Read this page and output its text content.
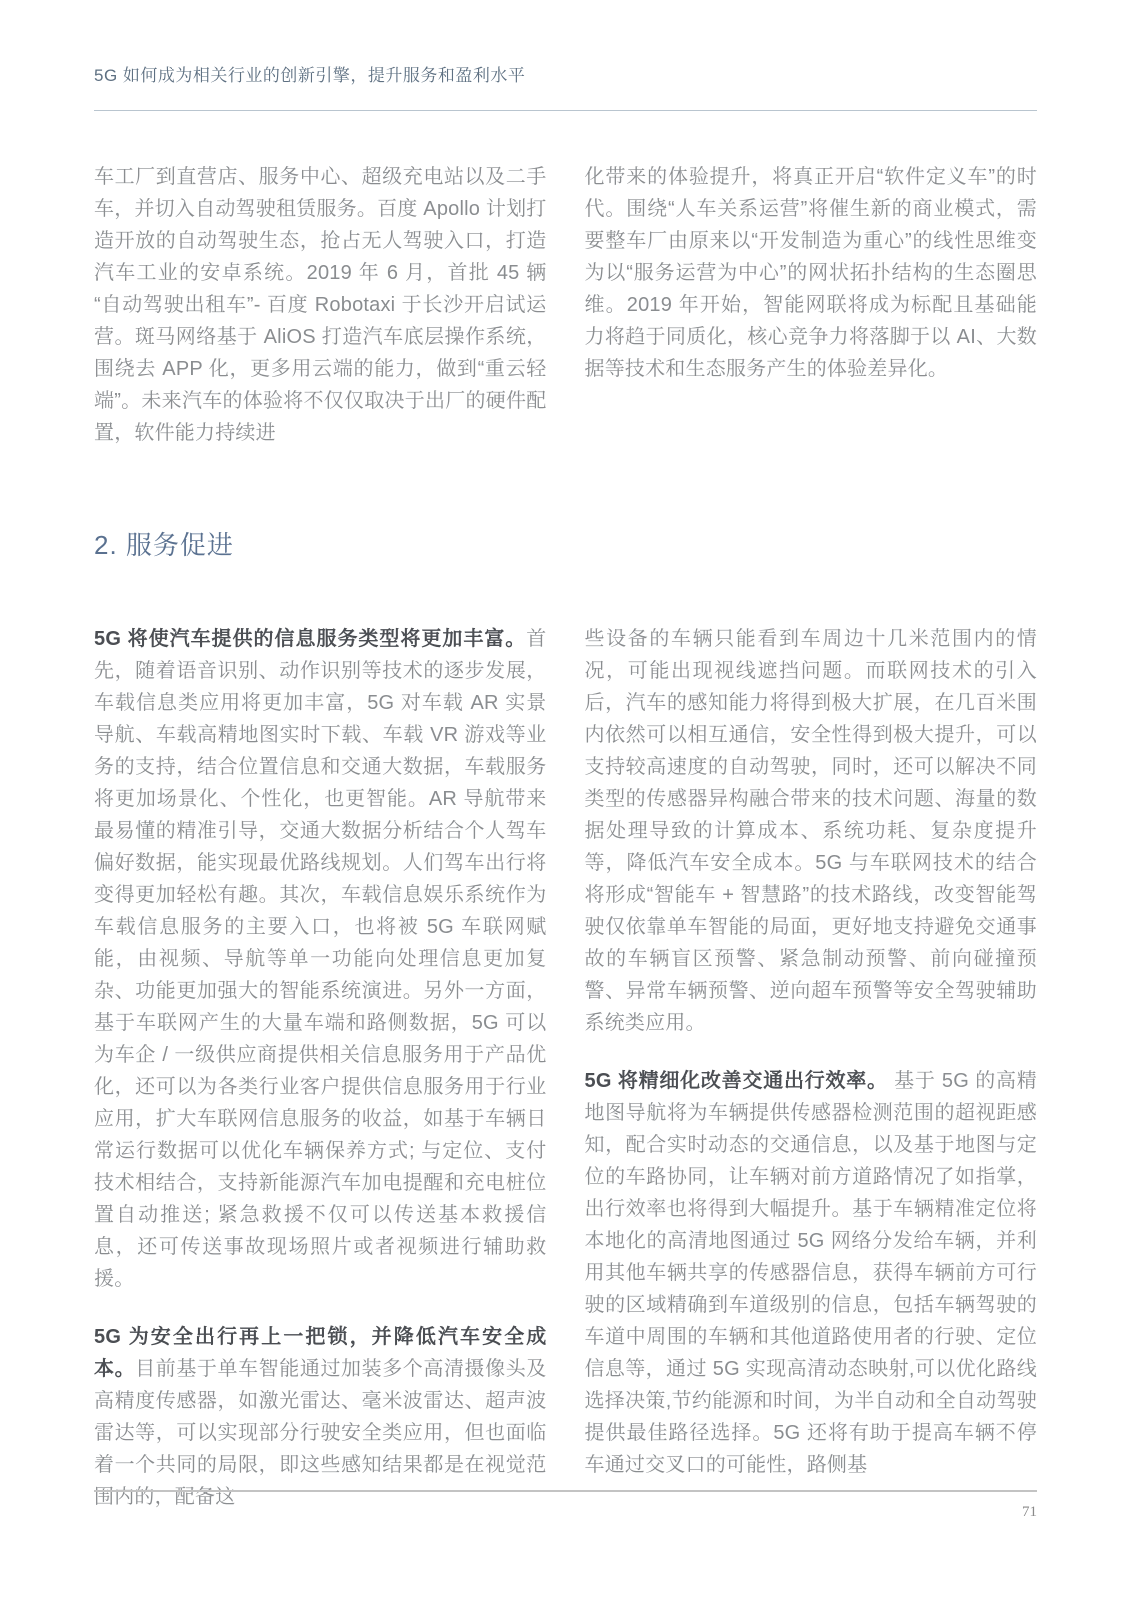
5G 如何成为相关行业的创新引擎，提升服务和盈利水平

车工厂到直营店、服务中心、超级充电站以及二手车，并切入自动驾驶租赁服务。百度 Apollo 计划打造开放的自动驾驶生态，抢占无人驾驶入口，打造汽车工业的安卓系统。2019 年 6 月，首批 45 辆“自动驾驶出租车”- 百度 Robotaxi 于长沙开启试运营。斑马网络基于 AliOS 打造汽车底层操作系统，围绕去 APP 化，更多用云端的能力，做到“重云轻端”。未来汽车的体验将不仅仅取决于出厂的硬件配置，软件能力持续进

化带来的体验提升，将真正开启“软件定义车”的时代。围绕“人车关系运营”将催生新的商业模式，需要整车厂由原来以“开发制造为重心”的线性思维变为以“服务运营为中心”的网状拓扑结构的生态圈思维。2019 年开始，智能网联将成为标配且基础能力将趋于同质化，核心竞争力将落脚于以 AI、大数据等技术和生态服务产生的体验差异化。

2. 服务促进

5G 将使汽车提供的信息服务类型将更加丰富。首先，随着语音识别、动作识别等技术的逐步发展，车载信息类应用将更加丰富，5G 对车载 AR 实景导航、车载高精地图实时下载、车载 VR 游戏等业务的支持，结合位置信息和交通大数据，车载服务将更加场景化、个性化，也更智能。AR 导航带来最易懂的精准引导，交通大数据分析结合个人驾车偏好数据，能实现最优路线规划。人们驾车出行将变得更加轻松有趣。其次，车载信息娱乐系统作为车载信息服务的主要入口，也将被 5G 车联网赋能，由视频、导航等单一功能向处理信息更加复杂、功能更加强大的智能系统演进。另外一方面，基于车联网产生的大量车端和路侧数据，5G 可以为车企 / 一级供应商提供相关信息服务用于产品优化，还可以为各类行业客户提供信息服务用于行业应用，扩大车联网信息服务的收益，如基于车辆日常运行数据可以优化车辆保养方式; 与定位、支付技术相结合，支持新能源汽车加电提醒和充电桩位置自动推送; 紧急救援不仅可以传送基本救援信息，还可传送事故现场照片或者视频进行辅助救援。

5G 为安全出行再上一把锁，并降低汽车安全成本。目前基于单车智能通过加装多个高清摄像头及高精度传感器，如激光雷达、毫米波雷达、超声波雷达等，可以实现部分行驶安全类应用，但也面临着一个共同的局限，即这些感知结果都是在视觉范围内的，配备这

些设备的车辆只能看到车周边十几米范围内的情况，可能出现视线遮挡问题。而联网技术的引入后，汽车的感知能力将得到极大扩展，在几百米围内依然可以相互通信，安全性得到极大提升，可以支持较高速度的自动驾驶，同时，还可以解决不同类型的传感器异构融合带来的技术问题、海量的数据处理导致的计算成本、系统功耗、复杂度提升等，降低汽车安全成本。5G 与车联网技术的结合将形成“智能车 + 智慧路”的技术路线，改变智能驾驶仅依靠单车智能的局面，更好地支持避免交通事故的车辆盲区预警、紧急制动预警、前向碰撞预警、异常车辆预警、逆向超车预警等安全驾驶辅助系统类应用。

5G 将精细化改善交通出行效率。 基于 5G 的高精地图导航将为车辆提供传感器检测范围的超视距感知，配合实时动态的交通信息，以及基于地图与定位的车路协同，让车辆对前方道路情况了如指掌，出行效率也将得到大幅提升。基于车辆精准定位将本地化的高清地图通过 5G 网络分发给车辆，并利用其他车辆共享的传感器信息，获得车辆前方可行驶的区域精确到车道级别的信息，包括车辆驾驶的车道中周围的车辆和其他道路使用者的行驶、定位信息等，通过 5G 实现高清动态映射,可以优化路线选择决策,节约能源和时间，为半自动和全自动驾驶提供最佳路径选择。5G 还将有助于提高车辆不停车通过交叉口的可能性，路侧基

71
